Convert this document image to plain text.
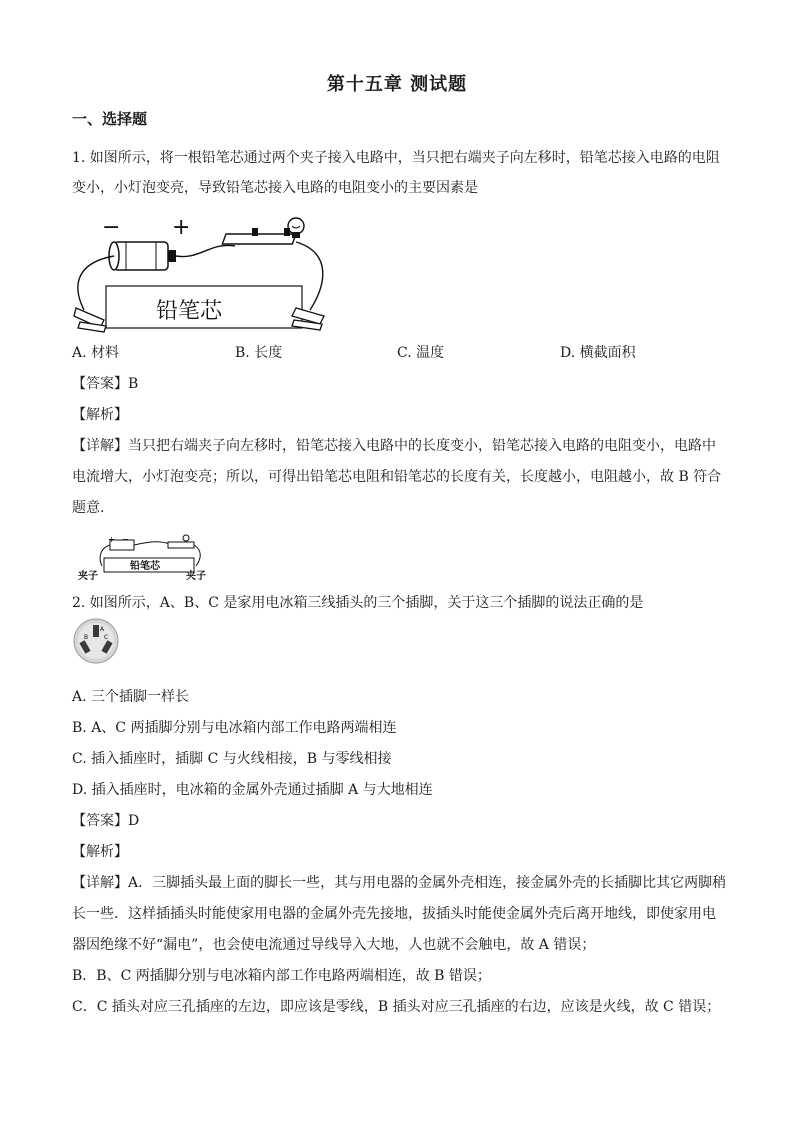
第十五章 测试题
一、选择题
1. 如图所示，将一根铅笔芯通过两个夹子接入电路中，当只把右端夹子向左移时，铅笔芯接入电路的电阻
变小，小灯泡变亮，导致铅笔芯接入电路的电阻变小的主要因素是
− +
铅笔芯
A. 材料	B. 长度	C. 温度	D. 横截面积
【答案】B
【解析】
【详解】当只把右端夹子向左移时，铅笔芯接入电路中的长度变小，铅笔芯接入电路的电阻变小，电路中
电流增大，小灯泡变亮；所以，可得出铅笔芯电阻和铅笔芯的长度有关，长度越小，电阻越小，故 B 符合
题意.
+ −
铅笔芯
夹子	夹子
2. 如图所示，A、B、C 是家用电冰箱三线插头的三个插脚，关于这三个插脚的说法正确的是
A
B	C
A. 三个插脚一样长
B. A、C 两插脚分别与电冰箱内部工作电路两端相连
C. 插入插座时，插脚 C 与火线相接，B 与零线相接
D. 插入插座时，电冰箱的金属外壳通过插脚 A 与大地相连
【答案】D
【解析】
【详解】A．三脚插头最上面的脚长一些，其与用电器的金属外壳相连，接金属外壳的长插脚比其它两脚稍
长一些．这样插插头时能使家用电器的金属外壳先接地，拔插头时能使金属外壳后离开地线，即使家用电
器因绝缘不好“漏电”，也会使电流通过导线导入大地，人也就不会触电，故 A 错误；
B．B、C 两插脚分别与电冰箱内部工作电路两端相连，故 B 错误；
C．C 插头对应三孔插座的左边，即应该是零线，B 插头对应三孔插座的右边，应该是火线，故 C 错误；
